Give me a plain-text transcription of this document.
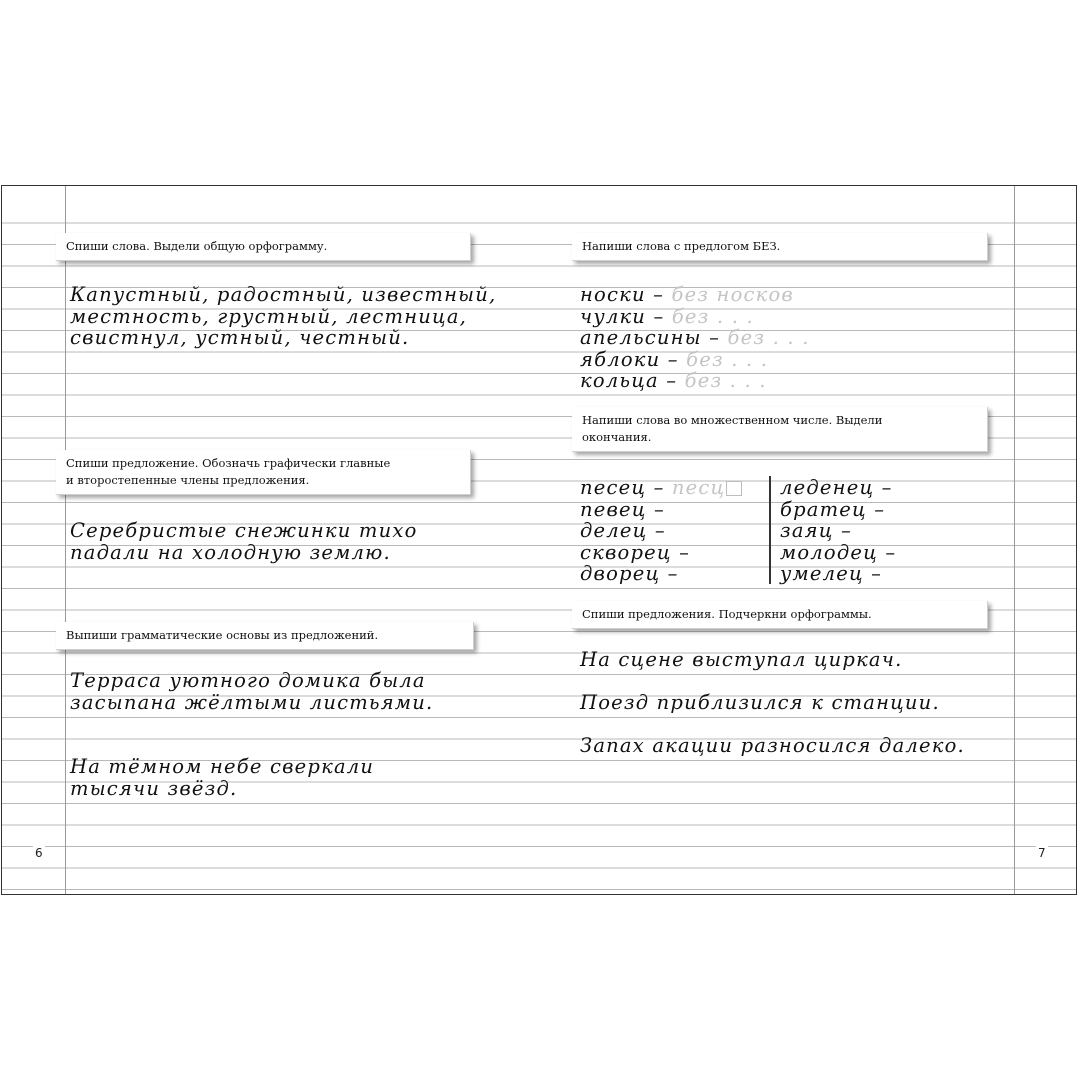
Спиши слова. Выдели общую орфограмму.
Капустный, радостный, известный,
местность, грустный, лестница,
свистнул, устный, честный.
Спиши предложение. Обозначь графически главные
и второстепенные члены предложения.
Серебристые снежинки тихо
падали на холодную землю.
Выпиши грамматические основы из предложений.
Терраса уютного домика была
засыпана жёлтыми листьями.
На тёмном небе сверкали
тысячи звёзд.
6
Напиши слова с предлогом БЕЗ.
носки – без носков
чулки – без . . .
апельсины – без . . .
яблоки – без . . .
кольца – без . . .
Напиши слова во множественном числе. Выдели
окончания.
песец – песц
певец –
делец –
скворец –
дворец –
леденец –
братец –
заяц –
молодец –
умелец –
Спиши предложения. Подчеркни орфограммы.
На сцене выступал циркач.
Поезд приблизился к станции.
Запах акации разносился далеко.
7
